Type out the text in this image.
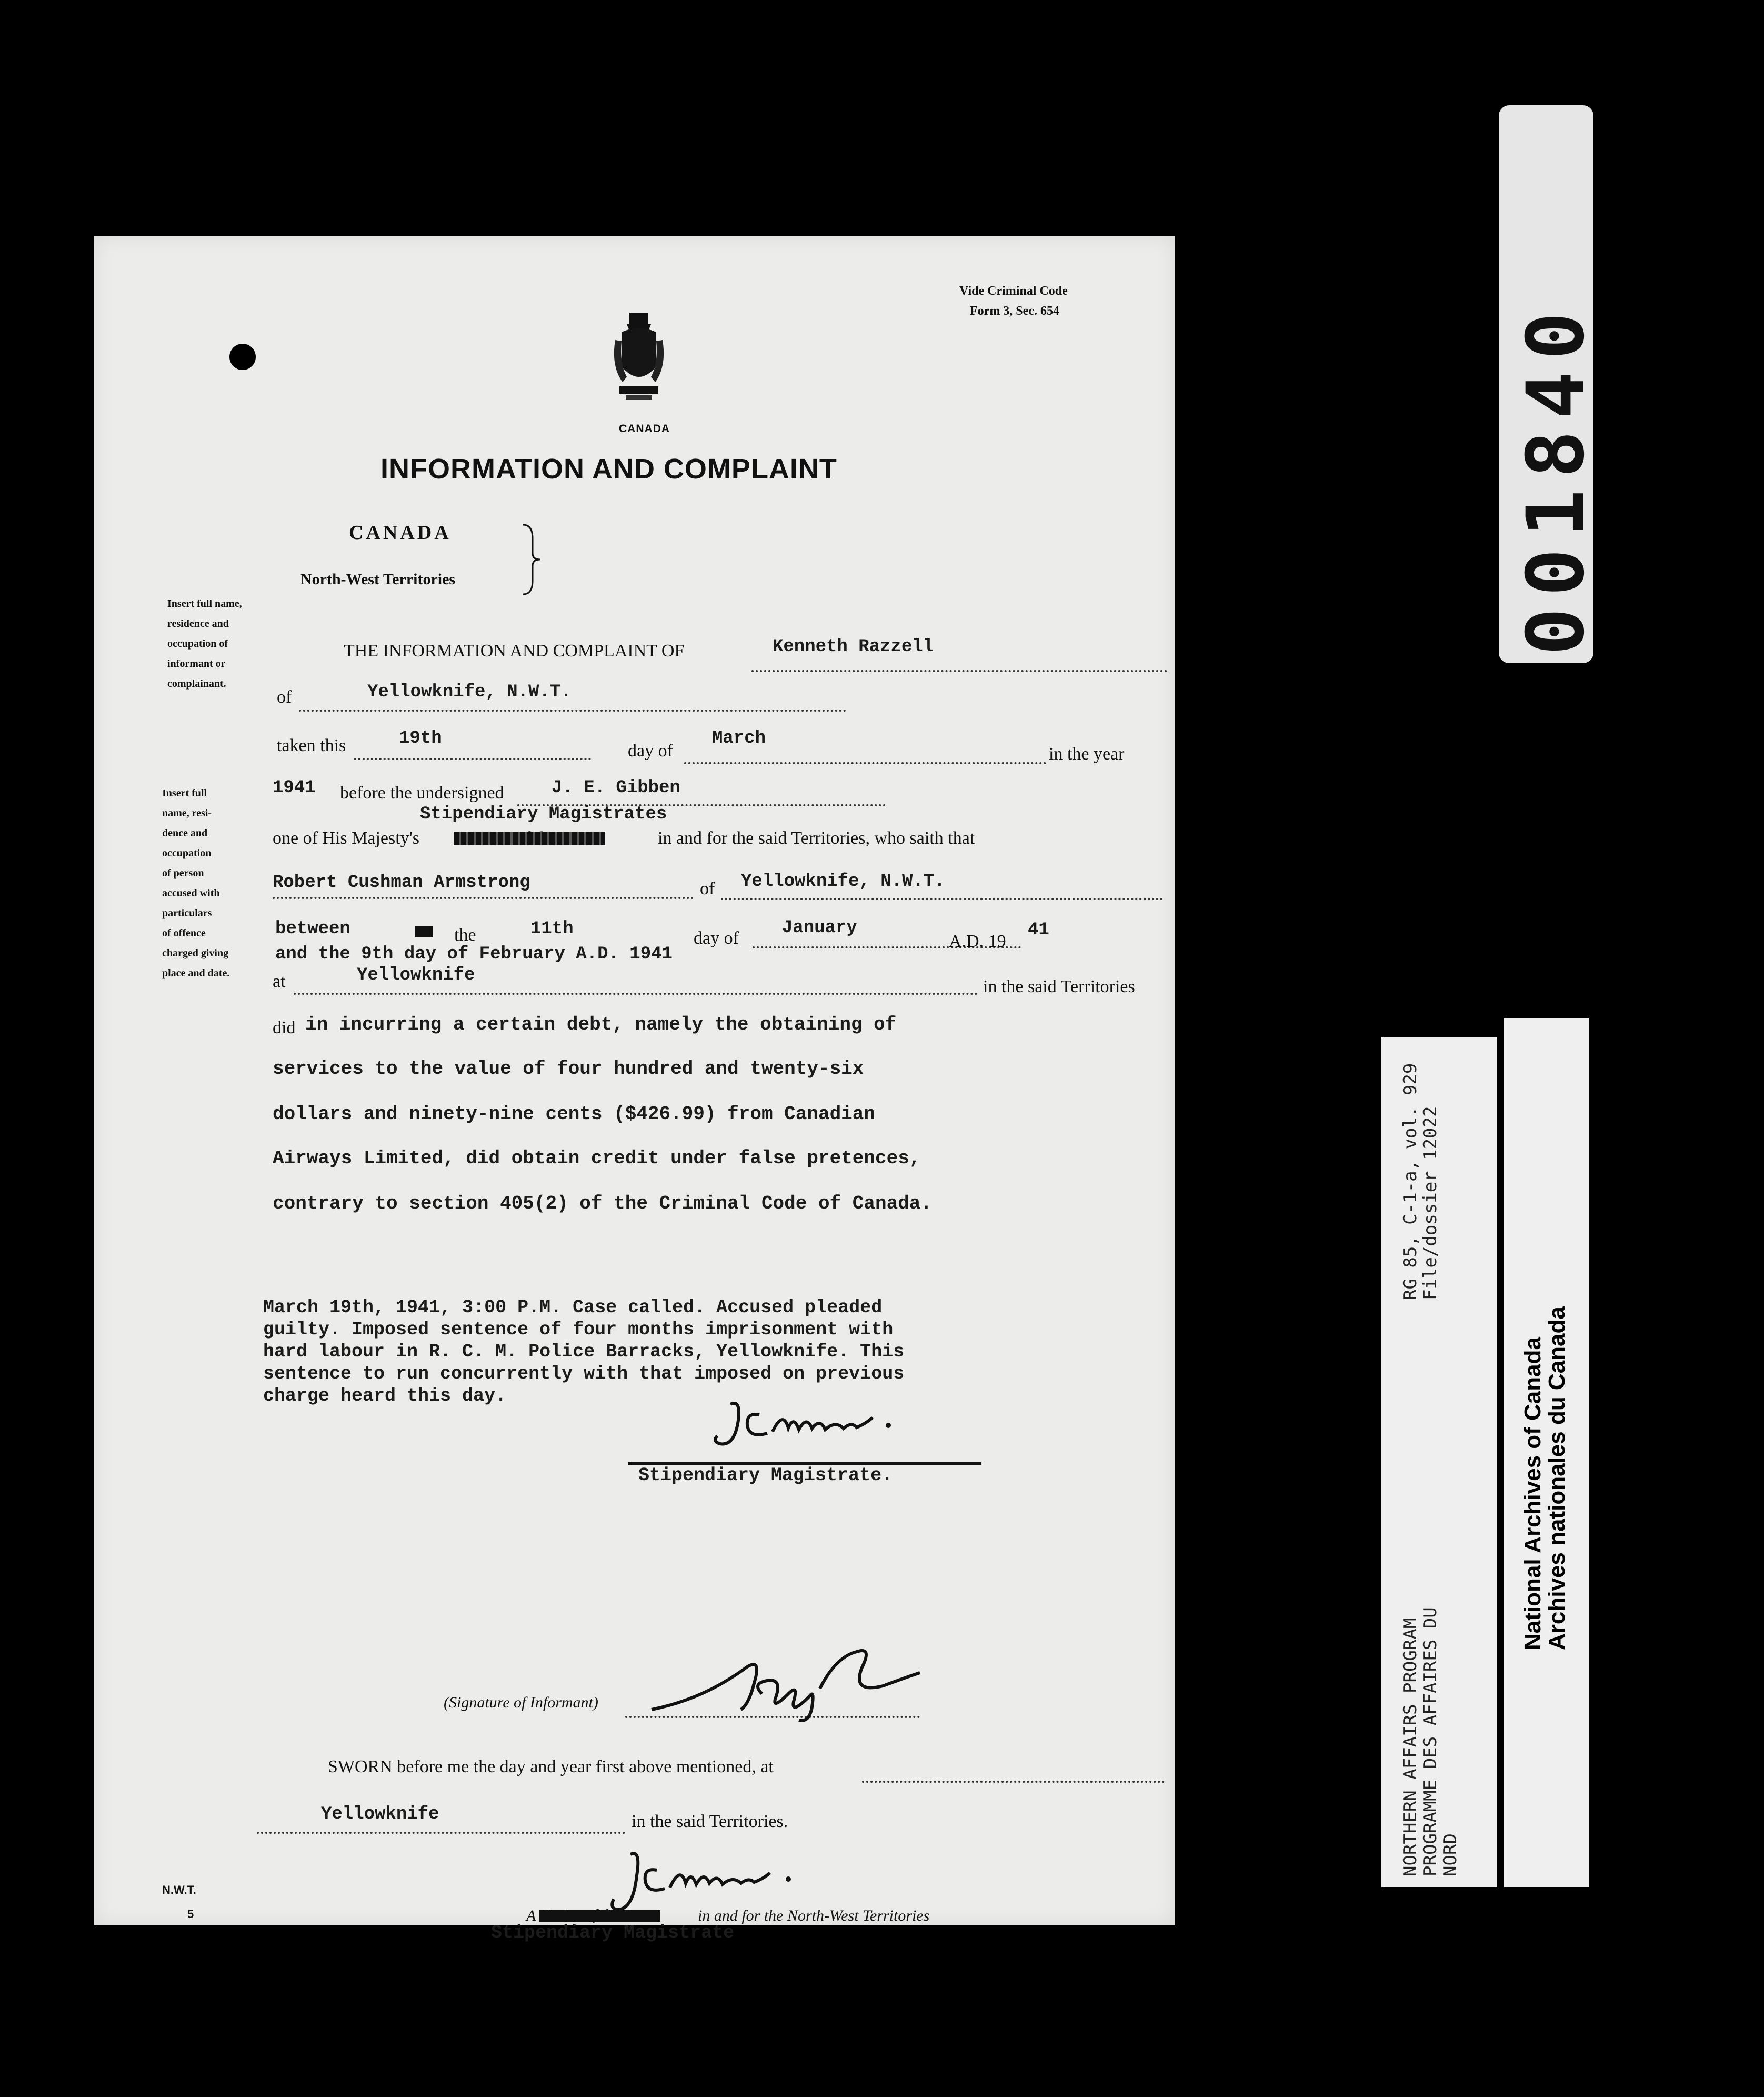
Vide Criminal Code
Form 3, Sec. 654
CANADA
INFORMATION AND COMPLAINT
CANADA
North-West Territories
Insert full name,
residence and
occupation of
informant or
complainant.
Insert full
name, resi-
dence and
occupation
of person
accused with
particulars
of offence
charged giving
place and date.
THE INFORMATION AND COMPLAINT OF	Kenneth Razzell
of	Yellowknife, N.W.T.
taken this	19th
day of
March
in the year
1941 before the undersigned	J. E. Gibben
Stipendiary Magistrates
one of His Majesty's	in and for the said Territories, who saith that
Robert Cushman Armstrong	of Yellowknife, N.W.T.
between	the	11th	day of
January
A.D. 19
41
and the 9th day of February A.D. 1941
at	Yellowknife
in the said Territories
did in incurring a certain debt, namely the obtaining of
services to the value of four hundred and twenty-six
dollars and ninety-nine cents ($426.99) from Canadian
Airways Limited, did obtain credit under false pretences,
contrary to section 405(2) of the Criminal Code of Canada.
March 19th, 1941, 3:00 P.M. Case called. Accused pleaded
guilty. Imposed sentence of four months imprisonment with
hard labour in R. C. M. Police Barracks, Yellowknife. This
sentence to run concurrently with that imposed on previous
charge heard this day.
Stipendiary Magistrate.
(Signature of Informant)
SWORN before me the day and year first above mentioned, at
Yellowknife	in the said Territories.
A	in and for the North-West Territories
Stipendiary Magistrate
N.W.T.
5
001840
RG 85, C-1-a, vol. 929
File/dossier 12022
NORTHERN AFFAIRS PROGRAM
PROGRAMME DES AFFAIRES DU
NORD
National Archives of Canada
Archives nationales du Canada
